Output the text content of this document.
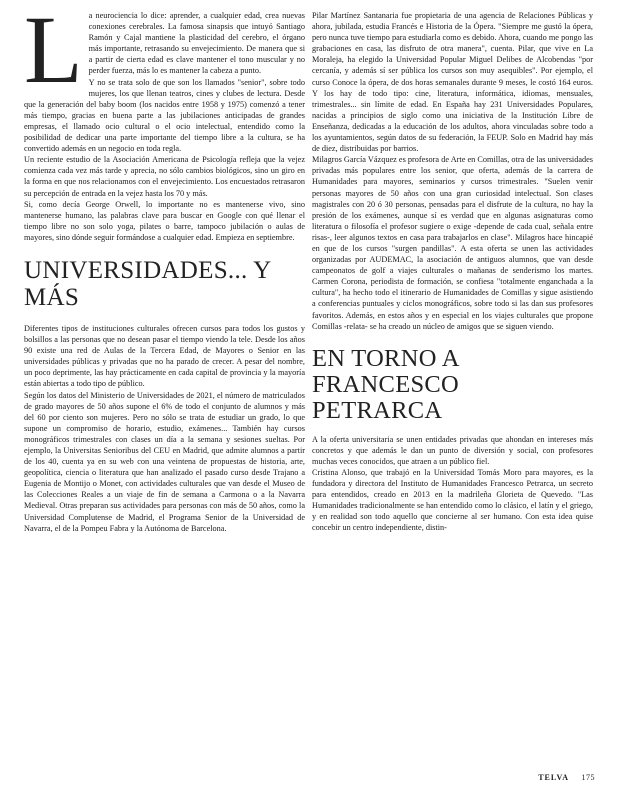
L a neurociencia lo dice: aprender, a cualquier edad, crea nuevas conexiones cerebrales. La famosa sinapsis que intuyó Santiago Ramón y Cajal mantiene la plasticidad del cerebro, el órgano más importante, retrasando su envejecimiento. De manera que si a partir de cierta edad es clave mantener el tono muscular y no perder fuerza, más lo es mantener la cabeza a punto.

Y no se trata solo de que son los llamados "senior", sobre todo mujeres, los que llenan teatros, cines y clubes de lectura. Desde que la generación del baby boom (los nacidos entre 1958 y 1975) comenzó a tener más tiempo, gracias en buena parte a las jubilaciones anticipadas de grandes empresas, el llamado ocio cultural o el ocio intelectual, entendido como la posibilidad de dedicar una parte importante del tiempo libre a la cultura, se ha convertido además en un negocio en toda regla.

Un reciente estudio de la Asociación Americana de Psicología refleja que la vejez comienza cada vez más tarde y aprecia, no sólo cambios biológicos, sino un giro en la forma en que nos relacionamos con el envejecimiento. Los encuestados retrasaron su percepción de entrada en la vejez hasta los 70 y más.

Si, como decía George Orwell, lo importante no es mantenerse vivo, sino mantenerse humano, las palabras clave para buscar en Google con qué llenar el tiempo libre no son solo yoga, pilates o barre, tampoco jubilación o aulas de mayores, sino dónde seguir formándose a cualquier edad. Empieza en septiembre.

UNIVERSIDADES... Y MÁS

Diferentes tipos de instituciones culturales ofrecen cursos para todos los gustos y bolsillos a las personas que no desean pasar el tiempo viendo la tele. Desde los años 90 existe una red de Aulas de la Tercera Edad, de Mayores o Senior en las universidades públicas y privadas que no ha parado de crecer. A pesar del nombre, un poco deprimente, las hay prácticamente en cada capital de provincia y la mayoría están abiertas a todo tipo de público.

Según los datos del Ministerio de Universidades de 2021, el número de matriculados de grado mayores de 50 años supone el 6% de todo el conjunto de alumnos y más del 60 por ciento son mujeres. Pero no sólo se trata de estudiar un grado, lo que supone un compromiso de horario, estudio, exámenes... También hay cursos monográficos trimestrales con clases un día a la semana y sesiones sueltas. Por ejemplo, la Universitas Senioribus del CEU en Madrid, que admite alumnos a partir de los 40, cuenta ya en su web con una veintena de propuestas de historia, arte, geopolítica, ciencia o literatura que han analizado el pasado curso desde Trajano a Eugenia de Montijo o Monet, con actividades culturales que van desde el Museo de las Colecciones Reales a un viaje de fin de semana a Carmona o a la Navarra Medieval. Otras preparan sus actividades para personas con más de 50 años, como la Universidad Complutense de Madrid, el Programa Senior de la Universidad de Navarra, el de la Pompeu Fabra y la Autónoma de Barcelona.

Pilar Martínez Santanaria fue propietaria de una agencia de Relaciones Públicas y ahora, jubilada, estudia Francés e Historia de la Ópera. "Siempre me gustó la ópera, pero nunca tuve tiempo para estudiarla como es debido. Ahora, cuando me pongo las grabaciones en casa, las disfruto de otra manera", cuenta. Pilar, que vive en La Moraleja, ha elegido la Universidad Popular Miguel Delibes de Alcobendas "por cercanía, y además sí ser pública los cursos son muy asequibles". Por ejemplo, el curso Conoce la ópera, de dos horas semanales durante 9 meses, le costó 164 euros. Y los hay de todo tipo: cine, literatura, informática, idiomas, mensuales, trimestrales... sin límite de edad. En España hay 231 Universidades Populares, nacidas a principios de siglo como una iniciativa de la Institución Libre de Enseñanza, dedicadas a la educación de los adultos, ahora vinculadas sobre todo a los ayuntamientos, según datos de su federación, la FEUP. Solo en Madrid hay más de diez, distribuidas por barrios.

Milagros García Vázquez es profesora de Arte en Comillas, otra de las universidades privadas más populares entre los senior, que oferta, además de la carrera de Humanidades para mayores, seminarios y cursos trimestrales. "Suelen venir personas mayores de 50 años con una gran curiosidad intelectual. Son clases magistrales con 20 ó 30 personas, pensadas para el disfrute de la cultura, no hay la presión de los exámenes, aunque sí es verdad que en algunas asignaturas como literatura o filosofía el profesor sugiere o exige -depende de cada cual, señala entre risas-, leer algunos textos en casa para trabajarlos en clase". Milagros hace hincapié en que de los cursos "surgen pandillas". A esta oferta se unen las actividades organizadas por AUDEMAC, la asociación de antiguos alumnos, que van desde campeonatos de golf a viajes culturales o mañanas de senderismo los martes. Carmen Corona, periodista de formación, se confiesa "totalmente enganchada a la cultura", ha hecho todo el itinerario de Humanidades de Comillas y sigue asistiendo a conferencias puntuales y ciclos monográficos, sobre todo si las dan sus profesores favoritos. Además, en estos años y en especial en los viajes culturales que propone Comillas -relata- se ha creado un núcleo de amigos que se siguen viendo.

EN TORNO A
FRANCESCO PETRARCA

A la oferta universitaria se unen entidades privadas que ahondan en intereses más concretos y que además le dan un punto de diversión y social, con profesores muchas veces conocidos, que atraen a un público fiel.

Cristina Alonso, que trabajó en la Universidad Tomás Moro para mayores, es la fundadora y directora del Instituto de Humanidades Francesco Petrarca, un secreto para entendidos, creado en 2013 en la madrileña Glorieta de Quevedo. "Las Humanidades tradicionalmente se han entendido como lo clásico, el latín y el griego, y en realidad son todo aquello que concierne al ser humano. Con esta idea quise concebir un centro independiente, distin-

TELVA 175
